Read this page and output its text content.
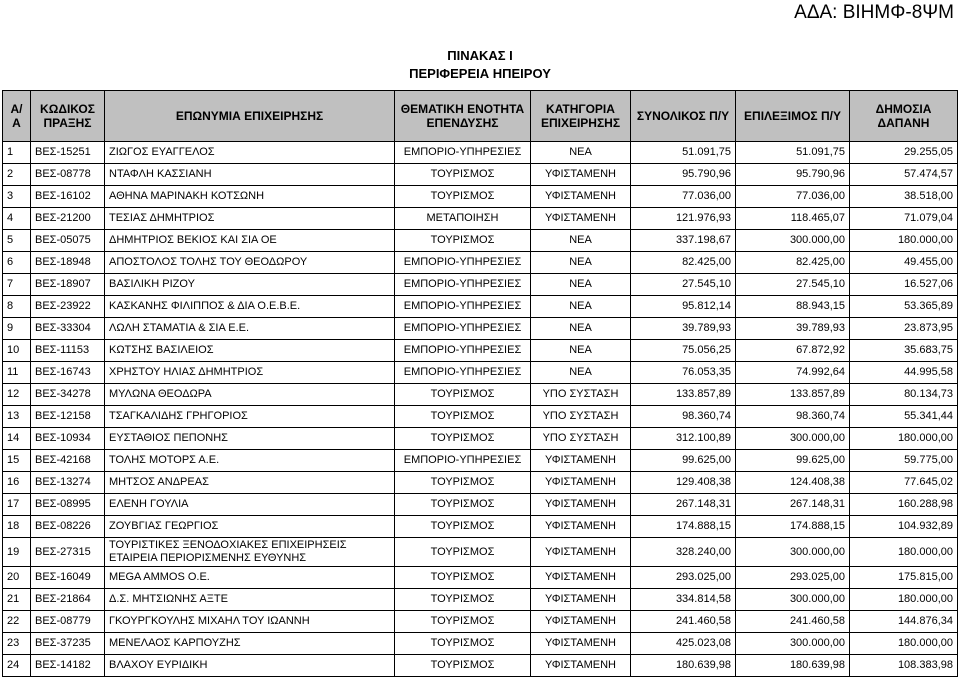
ΑΔΑ: ΒΙΗΜΦ-8ΨΜ
ΠΙΝΑΚΑΣ Ι
ΠΕΡΙΦΕΡΕΙΑ ΗΠΕΙΡΟΥ
Α/Α	ΚΩΔΙΚΟΣ ΠΡΑΞΗΣ	ΕΠΩΝΥΜΙΑ ΕΠΙΧΕΙΡΗΣΗΣ	ΘΕΜΑΤΙΚΗ ΕΝΟΤΗΤΑ ΕΠΕΝΔΥΣΗΣ	ΚΑΤΗΓΟΡΙΑ ΕΠΙΧΕΙΡΗΣΗΣ	ΣΥΝΟΛΙΚΟΣ Π/Υ	ΕΠΙΛΕΞΙΜΟΣ Π/Υ	ΔΗΜΟΣΙΑ ΔΑΠΑΝΗ
1	ΒΕΣ-15251	ΖΙΩΓΟΣ ΕΥΑΓΓΕΛΟΣ	ΕΜΠΟΡΙΟ-ΥΠΗΡΕΣΙΕΣ	ΝΕΑ	51.091,75	51.091,75	29.255,05
2	ΒΕΣ-08778	ΝΤΑΦΛΗ ΚΑΣΣΙΑΝΗ	ΤΟΥΡΙΣΜΟΣ	ΥΦΙΣΤΑΜΕΝΗ	95.790,96	95.790,96	57.474,57
3	ΒΕΣ-16102	ΑΘΗΝΑ ΜΑΡΙΝΑΚΗ ΚΟΤΣΩΝΗ	ΤΟΥΡΙΣΜΟΣ	ΥΦΙΣΤΑΜΕΝΗ	77.036,00	77.036,00	38.518,00
4	ΒΕΣ-21200	ΤΕΣΙΑΣ ΔΗΜΗΤΡΙΟΣ	ΜΕΤΑΠΟΙΗΣΗ	ΥΦΙΣΤΑΜΕΝΗ	121.976,93	118.465,07	71.079,04
5	ΒΕΣ-05075	ΔΗΜΗΤΡΙΟΣ ΒΕΚΙΟΣ ΚΑΙ ΣΙΑ ΟΕ	ΤΟΥΡΙΣΜΟΣ	ΝΕΑ	337.198,67	300.000,00	180.000,00
6	ΒΕΣ-18948	ΑΠΟΣΤΟΛΟΣ ΤΟΛΗΣ ΤΟΥ ΘΕΟΔΩΡΟΥ	ΕΜΠΟΡΙΟ-ΥΠΗΡΕΣΙΕΣ	ΝΕΑ	82.425,00	82.425,00	49.455,00
7	ΒΕΣ-18907	ΒΑΣΙΛΙΚΗ ΡΙΖΟΥ	ΕΜΠΟΡΙΟ-ΥΠΗΡΕΣΙΕΣ	ΝΕΑ	27.545,10	27.545,10	16.527,06
8	ΒΕΣ-23922	ΚΑΣΚΑΝΗΣ ΦΙΛΙΠΠΟΣ & ΔΙΑ Ο.Ε.Β.Ε.	ΕΜΠΟΡΙΟ-ΥΠΗΡΕΣΙΕΣ	ΝΕΑ	95.812,14	88.943,15	53.365,89
9	ΒΕΣ-33304	ΛΩΛΗ ΣΤΑΜΑΤΙΑ & ΣΙΑ Ε.Ε.	ΕΜΠΟΡΙΟ-ΥΠΗΡΕΣΙΕΣ	ΝΕΑ	39.789,93	39.789,93	23.873,95
10	ΒΕΣ-11153	ΚΩΤΣΗΣ ΒΑΣΙΛΕΙΟΣ	ΕΜΠΟΡΙΟ-ΥΠΗΡΕΣΙΕΣ	ΝΕΑ	75.056,25	67.872,92	35.683,75
11	ΒΕΣ-16743	ΧΡΗΣΤΟΥ ΗΛΙΑΣ ΔΗΜΗΤΡΙΟΣ	ΕΜΠΟΡΙΟ-ΥΠΗΡΕΣΙΕΣ	ΝΕΑ	76.053,35	74.992,64	44.995,58
12	ΒΕΣ-34278	ΜΥΛΩΝΑ ΘΕΟΔΩΡΑ	ΤΟΥΡΙΣΜΟΣ	ΥΠΟ ΣΥΣΤΑΣΗ	133.857,89	133.857,89	80.134,73
13	ΒΕΣ-12158	ΤΣΑΓΚΑΛΙΔΗΣ ΓΡΗΓΟΡΙΟΣ	ΤΟΥΡΙΣΜΟΣ	ΥΠΟ ΣΥΣΤΑΣΗ	98.360,74	98.360,74	55.341,44
14	ΒΕΣ-10934	ΕΥΣΤΑΘΙΟΣ ΠΕΠΟΝΗΣ	ΤΟΥΡΙΣΜΟΣ	ΥΠΟ ΣΥΣΤΑΣΗ	312.100,89	300.000,00	180.000,00
15	ΒΕΣ-42168	ΤΟΛΗΣ ΜΟΤΟΡΣ Α.Ε.	ΕΜΠΟΡΙΟ-ΥΠΗΡΕΣΙΕΣ	ΥΦΙΣΤΑΜΕΝΗ	99.625,00	99.625,00	59.775,00
16	ΒΕΣ-13274	ΜΗΤΣΟΣ ΑΝΔΡΕΑΣ	ΤΟΥΡΙΣΜΟΣ	ΥΦΙΣΤΑΜΕΝΗ	129.408,38	124.408,38	77.645,02
17	ΒΕΣ-08995	ΕΛΕΝΗ ΓΟΥΛΙΑ	ΤΟΥΡΙΣΜΟΣ	ΥΦΙΣΤΑΜΕΝΗ	267.148,31	267.148,31	160.288,98
18	ΒΕΣ-08226	ΖΟΥΒΓΙΑΣ ΓΕΩΡΓΙΟΣ	ΤΟΥΡΙΣΜΟΣ	ΥΦΙΣΤΑΜΕΝΗ	174.888,15	174.888,15	104.932,89
19	ΒΕΣ-27315	ΤΟΥΡΙΣΤΙΚΕΣ ΞΕΝΟΔΟΧΙΑΚΕΣ ΕΠΙΧΕΙΡΗΣΕΙΣ ΕΤΑΙΡΕΙΑ ΠΕΡΙΟΡΙΣΜΕΝΗΣ ΕΥΘΥΝΗΣ	ΤΟΥΡΙΣΜΟΣ	ΥΦΙΣΤΑΜΕΝΗ	328.240,00	300.000,00	180.000,00
20	ΒΕΣ-16049	MEGA AMMOS O.E.	ΤΟΥΡΙΣΜΟΣ	ΥΦΙΣΤΑΜΕΝΗ	293.025,00	293.025,00	175.815,00
21	ΒΕΣ-21864	Δ.Σ. ΜΗΤΣΙΩΝΗΣ ΑΞΤΕ	ΤΟΥΡΙΣΜΟΣ	ΥΦΙΣΤΑΜΕΝΗ	334.814,58	300.000,00	180.000,00
22	ΒΕΣ-08779	ΓΚΟΥΡΓΚΟΥΛΗΣ ΜΙΧΑΗΛ ΤΟΥ ΙΩΑΝΝΗ	ΤΟΥΡΙΣΜΟΣ	ΥΦΙΣΤΑΜΕΝΗ	241.460,58	241.460,58	144.876,34
23	ΒΕΣ-37235	ΜΕΝΕΛΑΟΣ ΚΑΡΠΟΥΖΗΣ	ΤΟΥΡΙΣΜΟΣ	ΥΦΙΣΤΑΜΕΝΗ	425.023,08	300.000,00	180.000,00
24	ΒΕΣ-14182	ΒΛΑΧΟΥ ΕΥΡΙΔΙΚΗ	ΤΟΥΡΙΣΜΟΣ	ΥΦΙΣΤΑΜΕΝΗ	180.639,98	180.639,98	108.383,98
